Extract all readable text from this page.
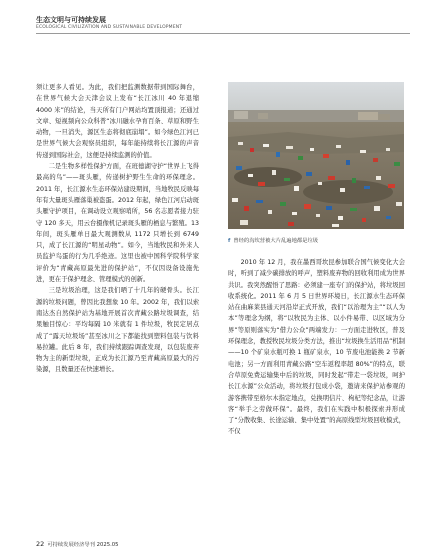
生态文明与可持续发展
ECOLOGICAL CIVILIZATION AND SUSTAINABLE DEVELOPMENT

须让更多人看见。为此，我们把监测数据带到国际舞台，在世界气候大会天津会议上发布“长江冰川 40 年退缩 4000 米”的结论，当天所有门户网站均置顶报道；还通过文章、短视频向公众科普“冰川融水孕育百条、草原和野生动物，一旦消失，源区生态将彻底崩塌”。如今绿色江河已是世界气候大会观察员组织，每年能持续将长江源的声音传递到国际社会，这便是持续监测的价值。

二是生物多样性保护方面，在班德湖守护“世界上飞得最高的鸟”——斑头雁，传递树护野生生命的环保理念。2011 年，长江源水生态环保站建设期间，当地牧民反映每年有大量斑头雁落巢被盗蛋。2012 年起，绿色江河启动斑头雁守护项目，在调动设立观察哨所，56 名志愿者接力驻守 120 多天，用云台摄像机记录斑头雁的栖息与繁殖。13 年间，斑头雁单日最大观测数从 1172 只增长到 6749 只，成了长江源的“明星动物”。如今，当地牧民和外来人员监护鸟蛋的行为几乎绝迹。这里也被中国科学院科学家评价为“青藏高原最先进的保护站”，不仅因设备设施先进，更在于保护理念、管理模式的创新。

三是垃圾治理，这是我们晒了十几年的硬骨头。长江源的垃圾问题，曾因比我想象 10 年。2002 年，我们以索南达杰自然保护站为基地开展首次青藏公路垃圾调查，结果触目惊心：平均每隔 10 米就有 1 件垃圾，牧民定居点成了“露天垃圾场”甚至冰川之下都能找到塑料包装与饮料易拉罐。此后 8 年，我们持续跟踪调查发现，以包装废弃物为主的新型垃圾，正成为长江源乃至青藏高原最大的污染源，且数量还在快速增长。

f 曾经的沟坎营被大片乱遍地都是垃圾

2010 年 12 月，我在墨西哥坎昆参加联合国气候变化大会时，听到了减少碳排放的呼声，塑料废弃物的回收利用成为世界共识。我突然醒悟了思路：必须建一座专门的保护站，将垃圾回收系统化。2011 年 6 月 5 日世界环境日，长江源水生态环保站在曲麻莱县通天河沿岸正式开放，我们“以治理为主”“以人为本”等理念为纲，将“以牧民为主体、以小件易带、以区域为分界”等原则落实为“借力公众”两端发力：一方面走进牧区，普及环保理念，教授牧民垃圾分类方法，推出“垃圾换生活用品”机制——10 个矿泉水瓶可换 1 瓶矿泉水，10 节废电池能换 2 节新电池；另一方面利用青藏公路“空车返程率超 80%”的特点，联合草原免费运输集中后的垃圾，同时发起“带走一袋垃圾，呵护长江水源”公众活动，将垃圾打包成小袋，邀请来保护站参观的游客携带至格尔木指定地点，兑换明信片、枸杞等纪念品，让游客“举手之劳做环保”。最终，我们在实践中积极探索并形成了“分散收集、长途运输、集中处置”的高原线型垃圾回收模式，不仅

22 可持续发展经济导刊 2025.05
